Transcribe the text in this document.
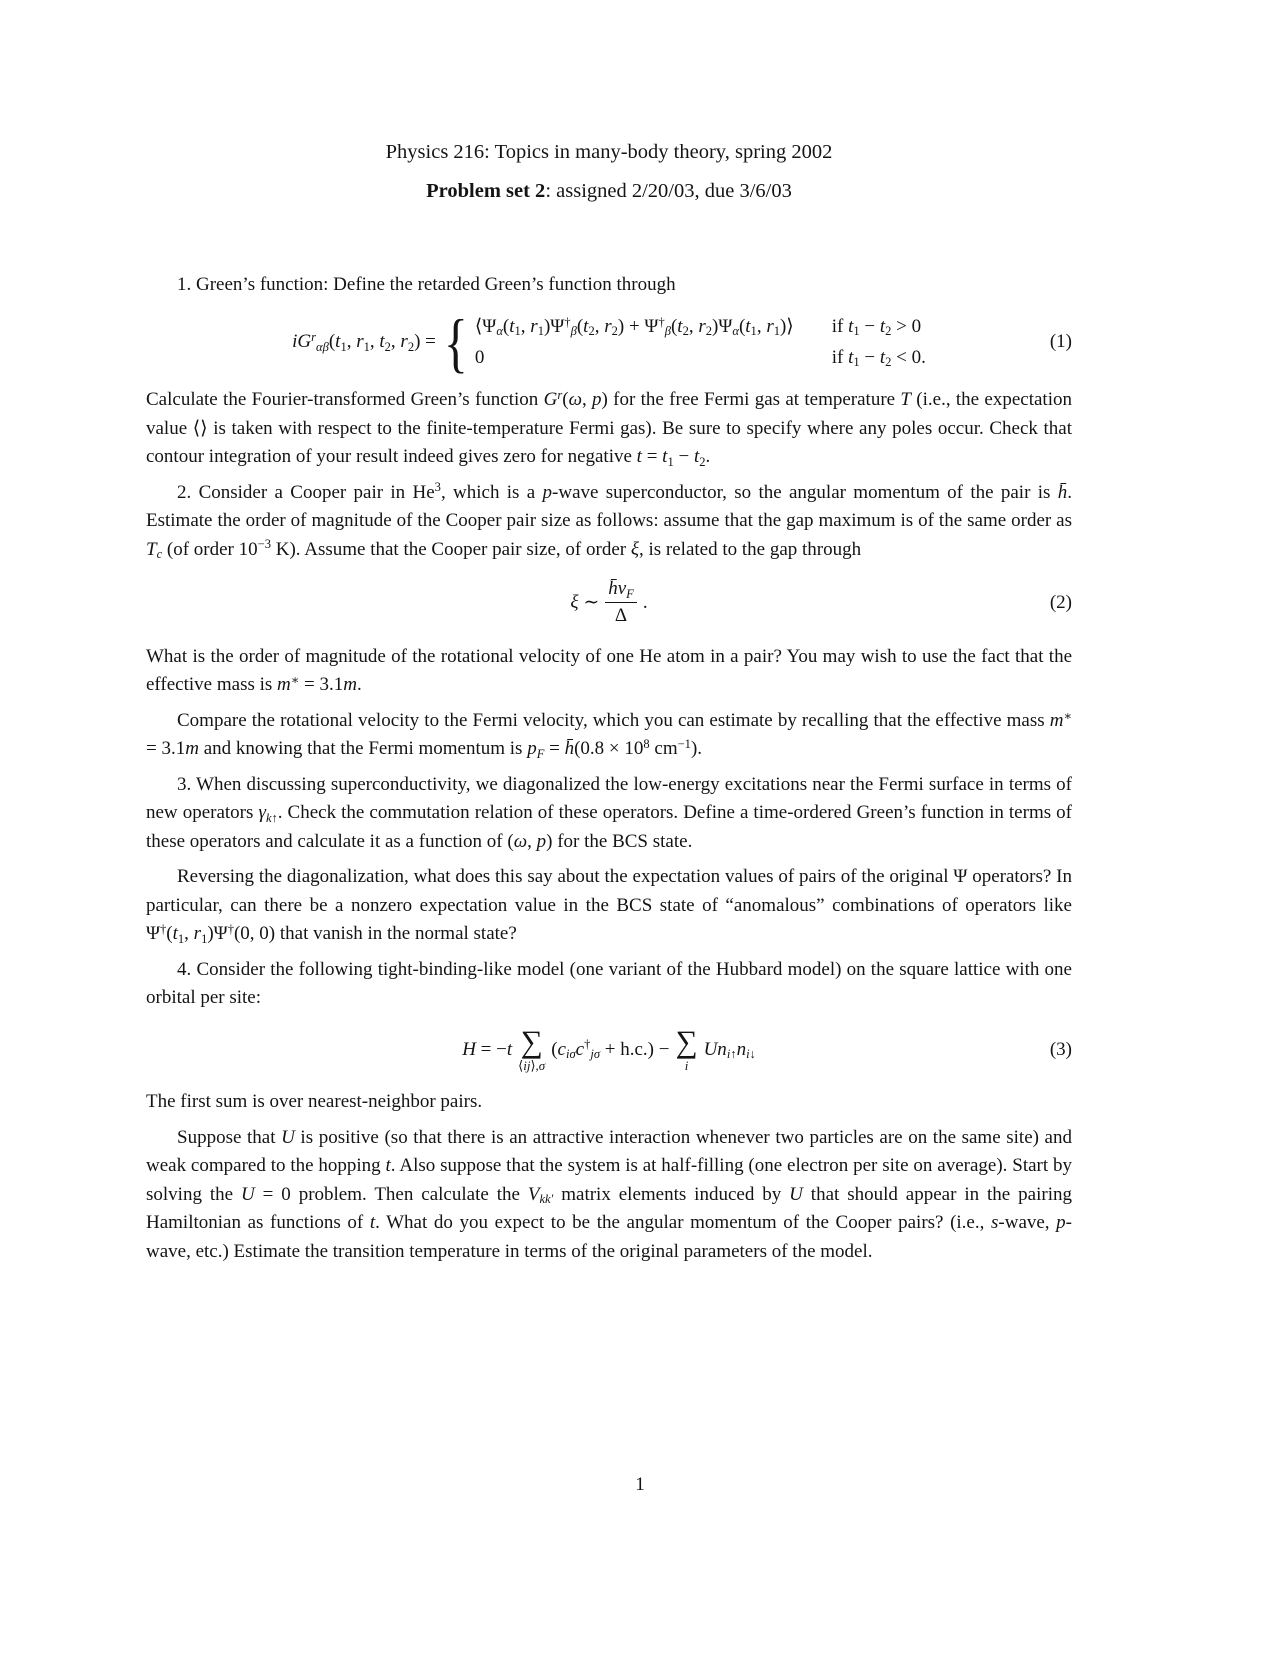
Physics 216: Topics in many-body theory, spring 2002
Problem set 2: assigned 2/20/03, due 3/6/03

1. Green’s function: Define the retarded Green’s function through

$iG^r_{\alpha\beta}(t_1$, $r_1$, $t_2$, $r_2$) = { $⟨\Psi_\alpha(t_1$, $r_1)\Psi^\dagger_\beta(t_2$, $r_2) + \Psi^\dagger_\beta(t_2$, $r_2)\Psi_\alpha(t_1$, $r_1)⟩$ if $t_1 - t_2 > 0$
0	if $t_1 - t_2 < 0$.
(1)

Calculate the Fourier-transformed Green’s function $G^r(\omega$, p) for the free Fermi gas at temperature T (i.e., the expectation value ⟨⟩ is taken with respect to the finite-temperature Fermi gas). Be sure to specify where any poles occur. Check that contour integration of your result indeed gives zero for negative $t = t_1 - t_2$.

2. Consider a Cooper pair in He$^3$, which is a p-wave superconductor, so the angular momentum of the pair is h̄. Estimate the order of magnitude of the Cooper pair size as follows: assume that the gap maximum is of the same order as $T_c$ (of order $10^{-3}$ K). Assume that the Cooper pair size, of order ξ, is related to the gap through

ξ ∼ $\frac{h̄v_F}{\Delta}$ .	(2)

What is the order of magnitude of the rotational velocity of one He atom in a pair? You may wish to use the fact that the effective mass is m∗ = 3.1m.

Compare the rotational velocity to the Fermi velocity, which you can estimate by recalling that the effective mass m∗ = 3.1m and knowing that the Fermi momentum is $p_F$ = h̄(0.8 × $10^8$ $cm^{-1}$).

3. When discussing superconductivity, we diagonalized the low-energy excitations near the Fermi surface in terms of new operators $\gamma_{k↑}$. Check the commutation relation of these operators. Define a time-ordered Green’s function in terms of these operators and calculate it as a function of (ω, p) for the BCS state.

Reversing the diagonalization, what does this say about the expectation values of pairs of the original Ψ operators? In particular, can there be a nonzero expectation value in the BCS state of “anomalous” combinations of operators like $\Psi^\dagger(t_1$, $r_1)\Psi^\dagger(0$, 0) that vanish in the normal state?

4. Consider the following tight-binding-like model (one variant of the Hubbard model) on the square lattice with one orbital per site:

H = −t ∑
⟨ij⟩,σ
$(c_{i\sigma}c^\dagger_{j\sigma} + h.c.)$ − ∑
i
$Un_{i↑}n_{i↓}$	(3)

The first sum is over nearest-neighbor pairs.

Suppose that U is positive (so that there is an attractive interaction whenever two particles are on the same site) and weak compared to the hopping t. Also suppose that the system is at half-filling (one electron per site on average). Start by solving the U = 0 problem. Then calculate the $V_{kk'}$ matrix elements induced by U that should appear in the pairing Hamiltonian as functions of t. What do you expect to be the angular momentum of the Cooper pairs? (i.e., s-wave, p-wave, etc.) Estimate the transition temperature in terms of the original parameters of the model.

1
